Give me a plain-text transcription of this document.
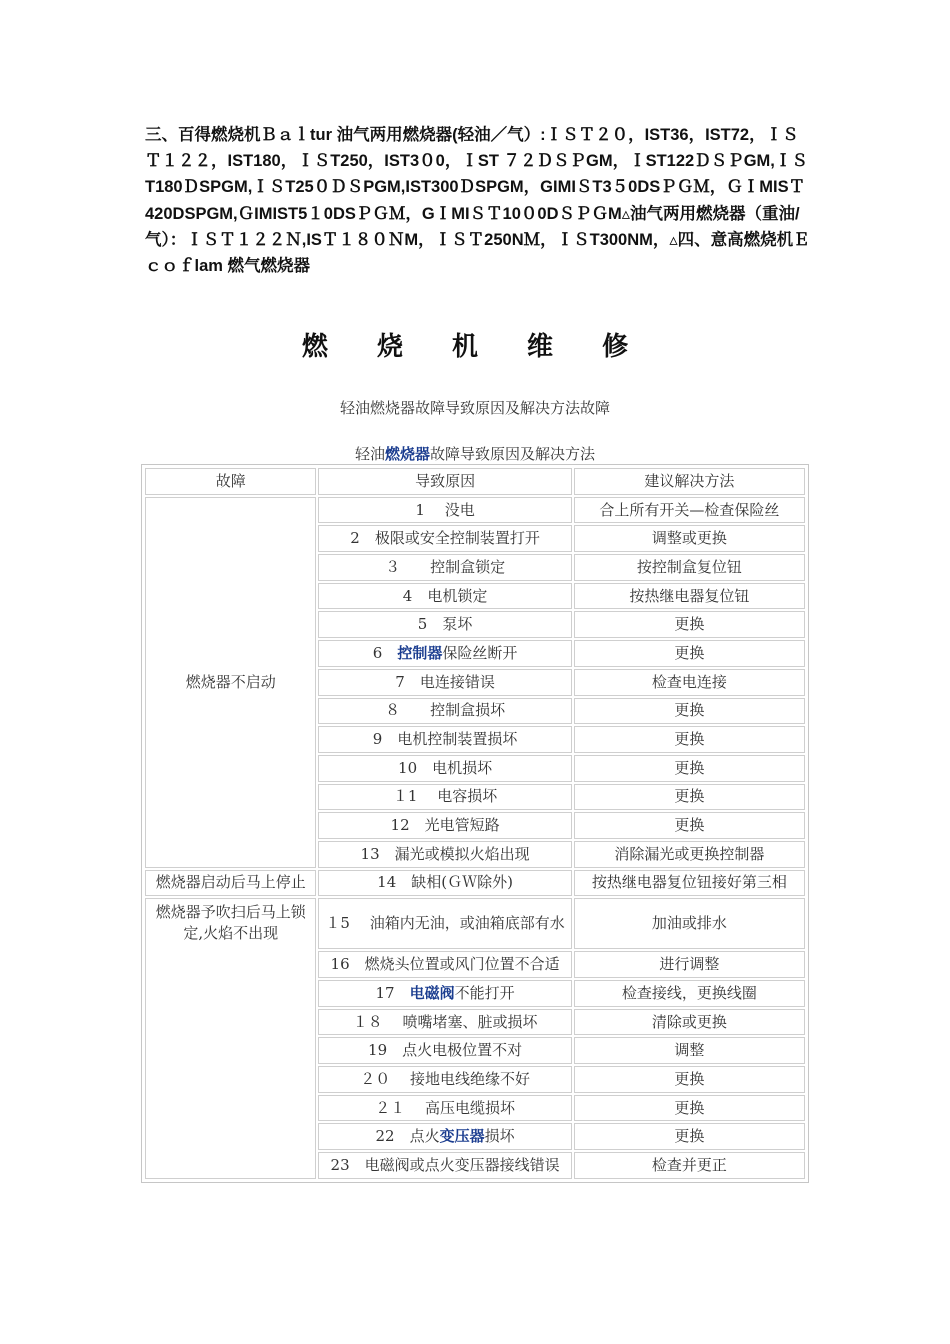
三、百得燃烧机Ｂａｌtur 油气两用燃烧器(轻油／气）:ＩＳＴ２０，IST36，IST72，ＩＳＴ１２２，IST180，ＩＳT250，IST3０0，ＩST ７２ＤＳＰGM，ＩST122ＤＳＰGM,ＩＳT180ＤSPGM,ＩＳT25０ＤＳPGM,IST300ＤSPGM，GIMIＳT3５0DSＰＧＭ，ＧＩMISＴ420DSPGM,ＧIMIST5１0DSＰＧＭ，GＩMIＳＴ10０0DＳＰＧM▵油气两用燃烧器（重油/气）：ＩＳＴ１２２Ｎ,ISＴ１８０ＮM，ＩＳＴ250NＭ，ＩＳT300NM，▵四、意高燃烧机Ｅｃｏｆlam 燃气燃烧器
燃 烧 机 维 修
轻油燃烧器故障导致原因及解决方法故障
轻油燃烧器故障导致原因及解决方法
故障	导致原因	建议解决方法
燃烧器不启动	1　 没电	合上所有开关—检查保险丝
	2　极限或安全控制装置打开	调整或更换
	３　　控制盒锁定	按控制盒复位钮
	4　电机锁定	按热继电器复位钮
	5　泵坏	更换
	6　控制器保险丝断开	更换
	7　电连接错误	检查电连接
	８　　控制盒损坏	更换
	9　电机控制装置损坏	更换
	10　电机损坏	更换
	１1　 电容损坏	更换
	12　光电管短路	更换
	13　漏光或模拟火焰出现	消除漏光或更换控制器
燃烧器启动后马上停止	14　缺相(ＧＷ除外)	按热继电器复位钮接好第三相
燃烧器予吹扫后马上锁定,火焰不出现	１5　 油箱内无油，或油箱底部有水	加油或排水
	16　燃烧头位置或风门位置不合适	进行调整
	17　电磁阀不能打开	检查接线，更换线圈
	１８　 喷嘴堵塞、脏或损坏	清除或更换
	19　点火电极位置不对	调整
	２０　 接地电线绝缘不好	更换
	２１　 高压电缆损坏	更换
	22　点火变压器损坏	更换
	23　电磁阀或点火变压器接线错误	检查并更正
